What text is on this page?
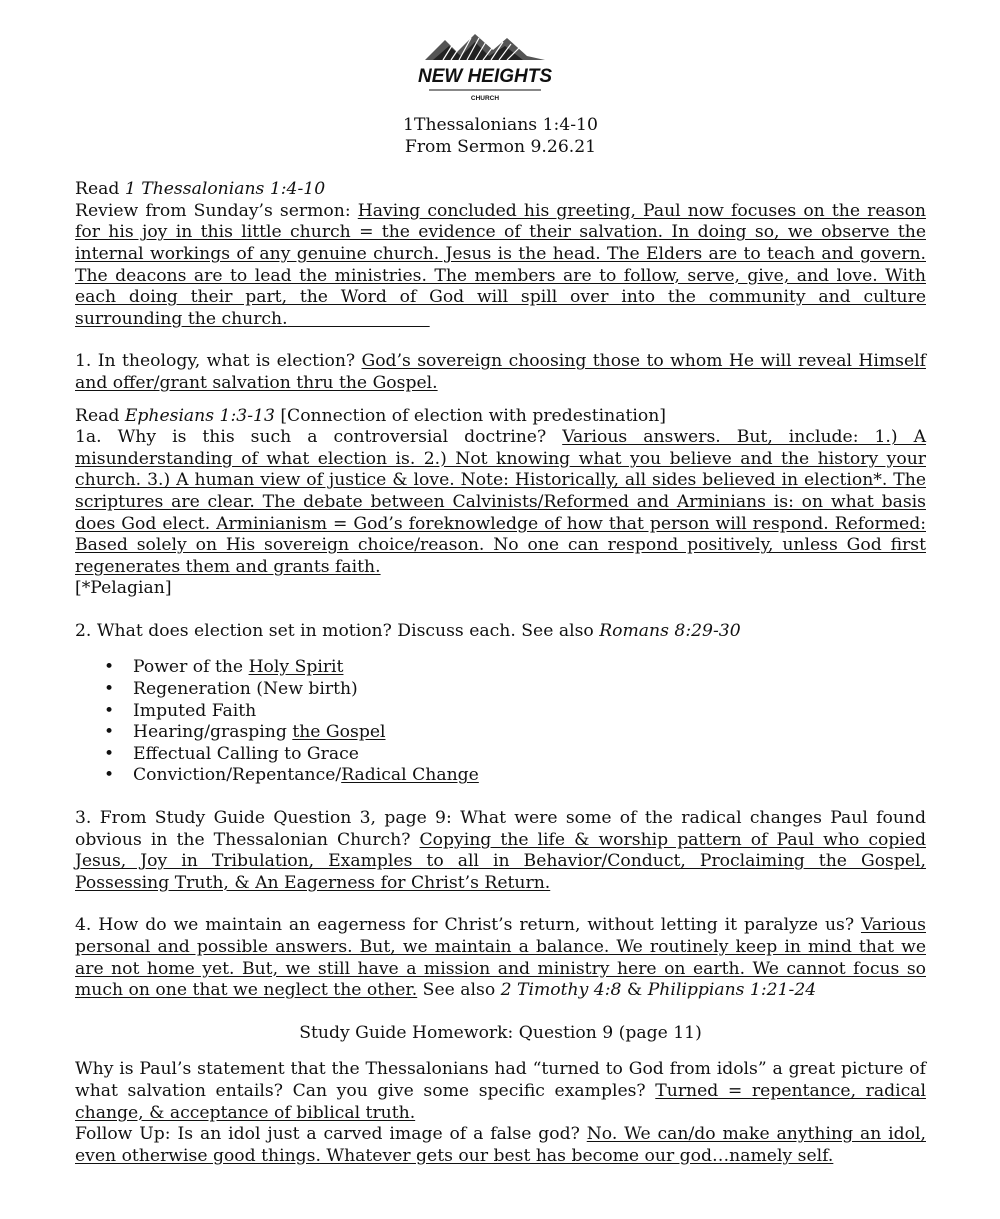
NEW HEIGHTS
CHURCH

1Thessalonians 1:4-10

From Sermon 9.26.21

Read 1 Thessalonians 1:4-10

Review from Sunday’s sermon: Having concluded his greeting, Paul now focuses on the reason for his joy in this little church = the evidence of their salvation. In doing so, we observe the internal workings of any genuine church. Jesus is the head. The Elders are to teach and govern. The deacons are to lead the ministries. The members are to follow, serve, give, and love. With each doing their part, the Word of God will spill over into the community and culture surrounding the church.

1. In theology, what is election? God’s sovereign choosing those to whom He will reveal Himself and offer/grant salvation thru the Gospel.

Read Ephesians 1:3-13 [Connection of election with predestination]

1a. Why is this such a controversial doctrine? Various answers. But, include: 1.) A misunderstanding of what election is. 2.) Not knowing what you believe and the history your church. 3.) A human view of justice & love. Note: Historically, all sides believed in election*. The scriptures are clear. The debate between Calvinists/Reformed and Arminians is: on what basis does God elect. Arminianism = God’s foreknowledge of how that person will respond. Reformed: Based solely on His sovereign choice/reason. No one can respond positively, unless God first regenerates them and grants faith.

[*Pelagian]

2. What does election set in motion? Discuss each. See also Romans 8:29-30

• Power of the Holy Spirit
• Regeneration (New birth)
• Imputed Faith
• Hearing/grasping the Gospel
• Effectual Calling to Grace
• Conviction/Repentance/Radical Change

3. From Study Guide Question 3, page 9: What were some of the radical changes Paul found obvious in the Thessalonian Church? Copying the life & worship pattern of Paul who copied Jesus, Joy in Tribulation, Examples to all in Behavior/Conduct, Proclaiming the Gospel, Possessing Truth, & An Eagerness for Christ’s Return.

4. How do we maintain an eagerness for Christ’s return, without letting it paralyze us? Various personal and possible answers. But, we maintain a balance. We routinely keep in mind that we are not home yet. But, we still have a mission and ministry here on earth. We cannot focus so much on one that we neglect the other. See also 2 Timothy 4:8 & Philippians 1:21-24

Study Guide Homework: Question 9 (page 11)

Why is Paul’s statement that the Thessalonians had “turned to God from idols” a great picture of what salvation entails? Can you give some specific examples? Turned = repentance, radical change, & acceptance of biblical truth.

Follow Up: Is an idol just a carved image of a false god? No. We can/do make anything an idol, even otherwise good things. Whatever gets our best has become our god…namely self.
